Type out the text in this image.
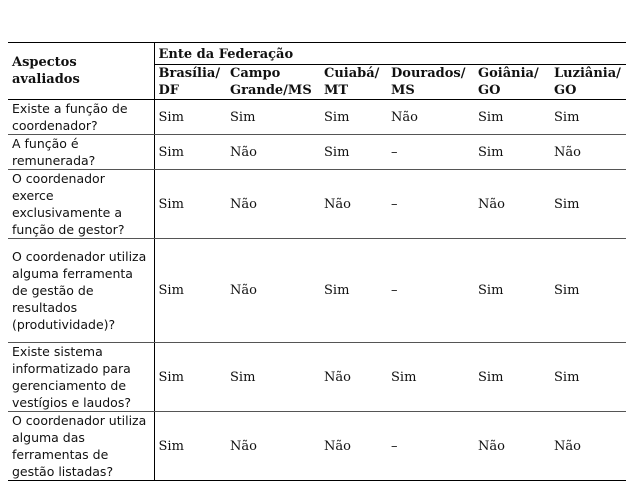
Aspectos avaliados	Ente da Federação					
	Brasília/ DF	Campo Grande/MS	Cuiabá/ MT	Dourados/ MS	Goiânia/ GO	Luziânia/ GO
Existe a função de coordenador?	Sim	Sim	Sim	Não	Sim	Sim
A função é remunerada?	Sim	Não	Sim	–	Sim	Não
O coordenador exerce exclusivamente a função de gestor?	Sim	Não	Não	–	Não	Sim
O coordenador utiliza alguma ferramenta de gestão de resultados (produtividade)?	Sim	Não	Sim	–	Sim	Sim
Existe sistema informatizado para gerenciamento de vestígios e laudos?	Sim	Sim	Não	Sim	Sim	Sim
O coordenador utiliza alguma das ferramentas de gestão listadas?	Sim	Não	Não	–	Não	Não
